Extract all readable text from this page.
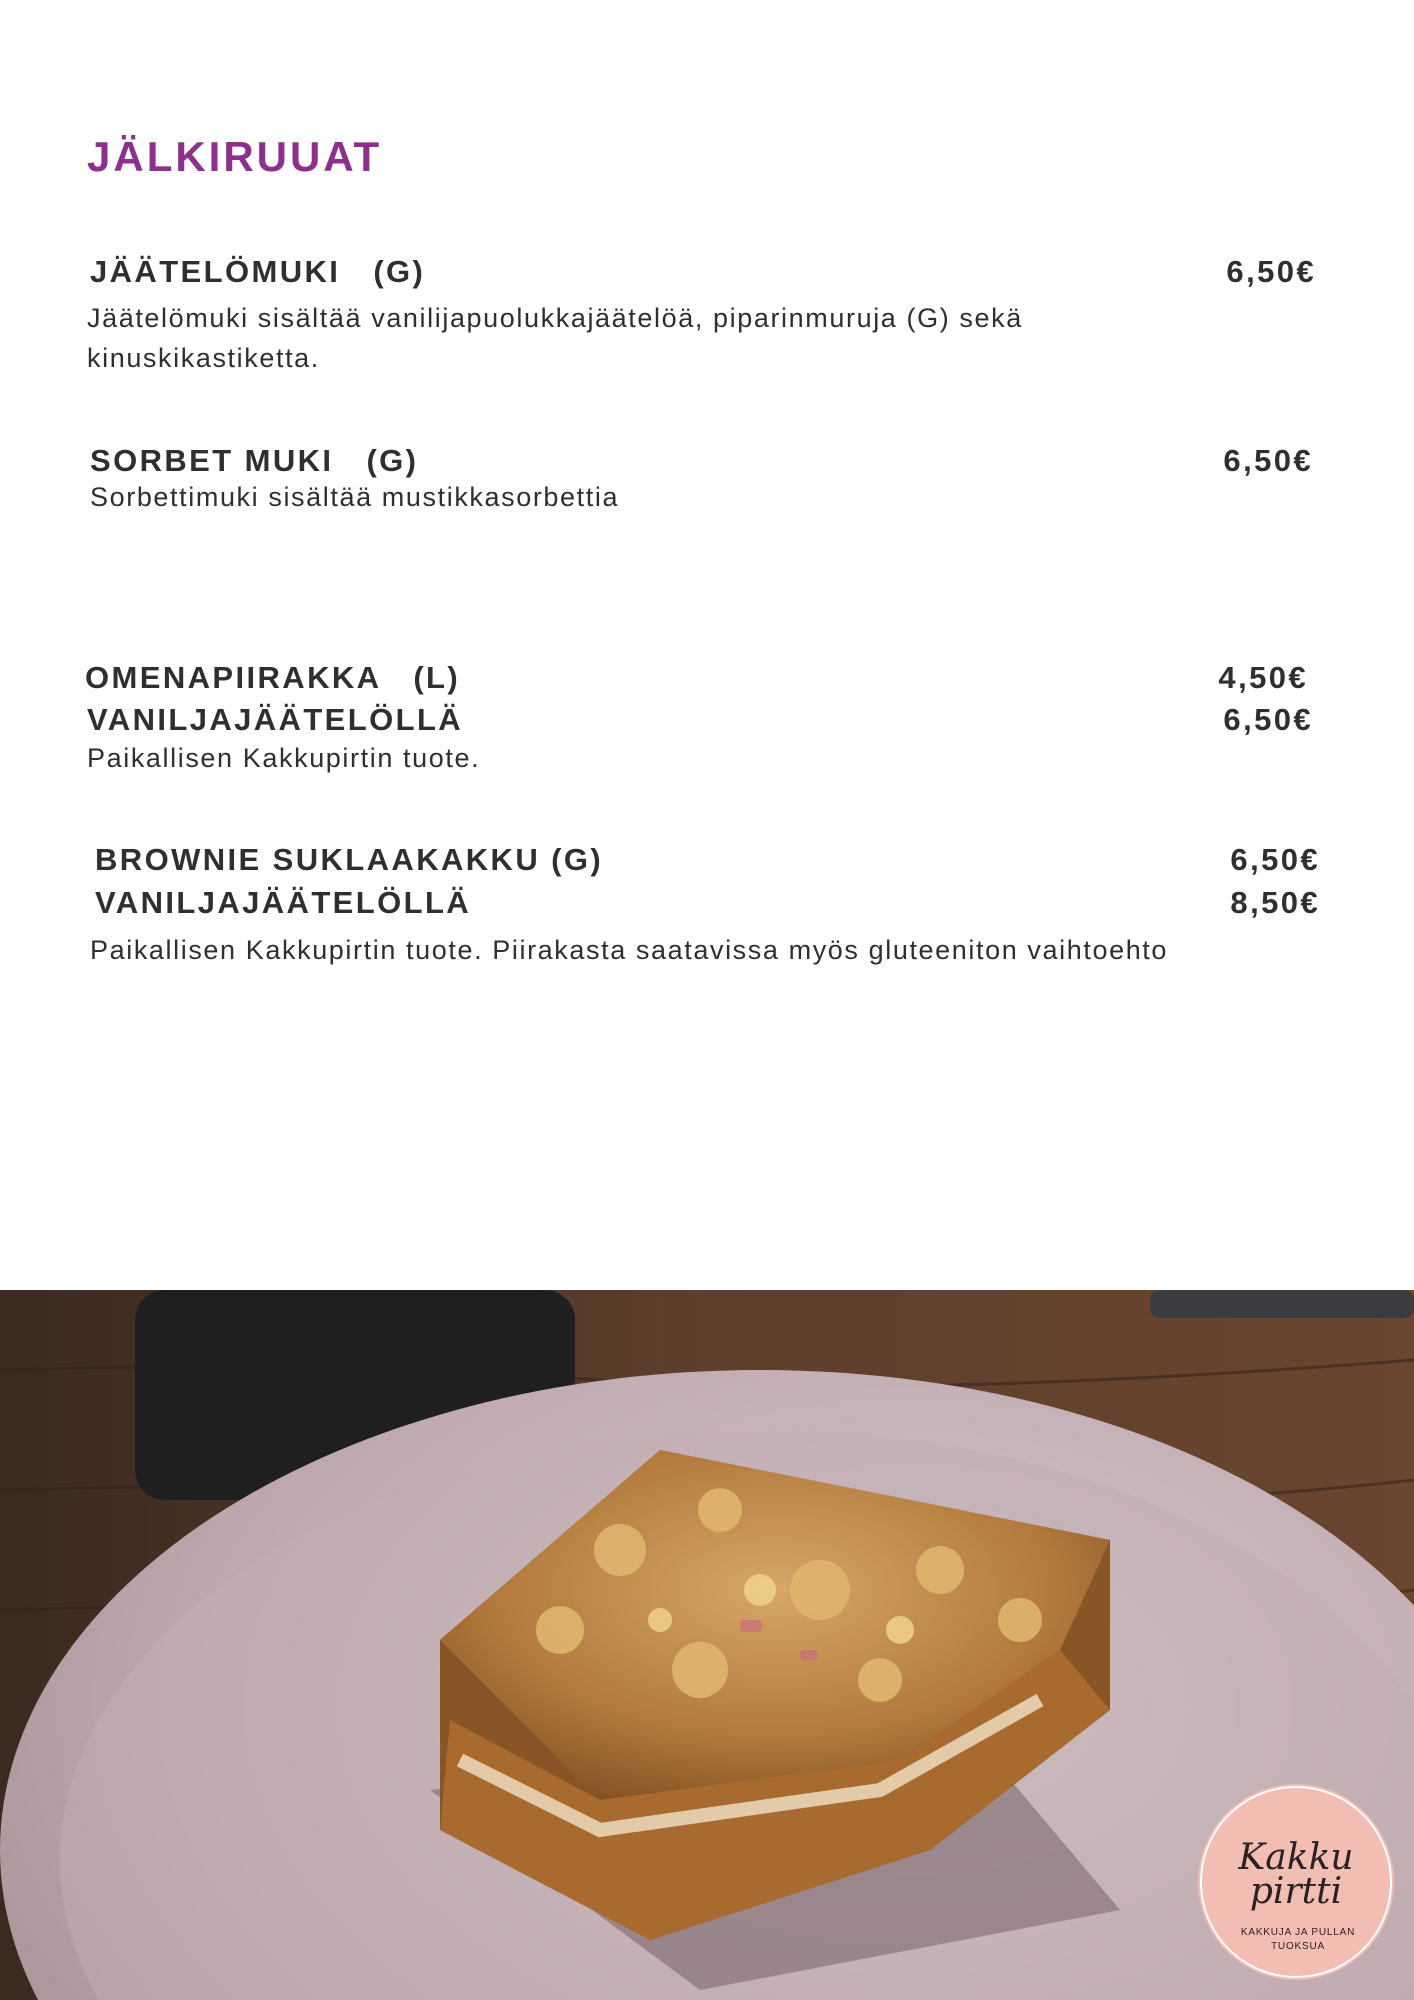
JÄLKIRUUAT
JÄÄTELÖMUKI   (G)	6,50€

Jäätelömuki sisältää vanilijapuolukkajäätelöä, piparinmuruja (G) sekä kinuskikastiketta.

SORBET MUKI   (G)	6,50€

Sorbettimuki sisältää mustikkasorbettia

OMENAPIIRAKKA   (L)	4,50€
VANILJAJÄÄTELÖLLÄ	6,50€

Paikallisen Kakkupirtin tuote.

BROWNIE SUKLAAKAKKU (G)	6,50€
VANILJAJÄÄTELÖLLÄ	8,50€

Paikallisen Kakkupirtin tuote. Piirakasta saatavissa myös gluteeniton vaihtoehto

Kakku
pirtti
KAKKUJA JA PULLAN
TUOKSUA
